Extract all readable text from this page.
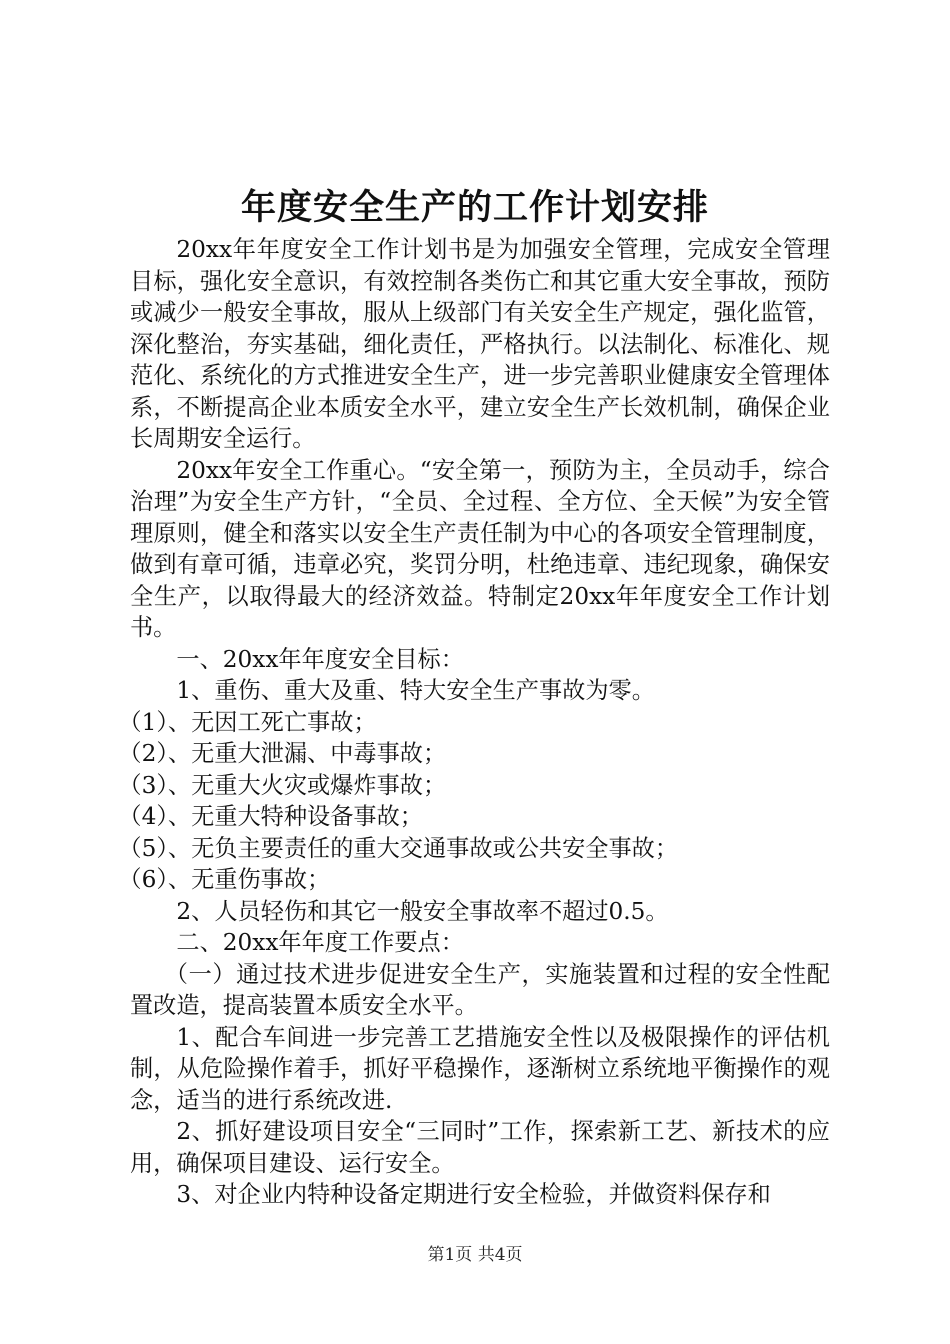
年度安全生产的工作计划安排

20xx年年度安全工作计划书是为加强安全管理，完成安全管理目标，强化安全意识，有效控制各类伤亡和其它重大安全事故，预防或减少一般安全事故，服从上级部门有关安全生产规定，强化监管，深化整治，夯实基础，细化责任，严格执行。以法制化、标准化、规范化、系统化的方式推进安全生产，进一步完善职业健康安全管理体系，不断提高企业本质安全水平，建立安全生产长效机制，确保企业长周期安全运行。

20xx年安全工作重心。“安全第一，预防为主，全员动手，综合治理”为安全生产方针，“全员、全过程、全方位、全天候”为安全管理原则，健全和落实以安全生产责任制为中心的各项安全管理制度，做到有章可循，违章必究，奖罚分明，杜绝违章、违纪现象，确保安全生产，以取得最大的经济效益。特制定20xx年年度安全工作计划书。

一、20xx年年度安全目标：

1、重伤、重大及重、特大安全生产事故为零。

（1）、无因工死亡事故；

（2）、无重大泄漏、中毒事故；

（3）、无重大火灾或爆炸事故；

（4）、无重大特种设备事故；

（5）、无负主要责任的重大交通事故或公共安全事故；

（6）、无重伤事故；

2、人员轻伤和其它一般安全事故率不超过0.5。

二、20xx年年度工作要点：

（一）通过技术进步促进安全生产，实施装置和过程的安全性配置改造，提高装置本质安全水平。

1、配合车间进一步完善工艺措施安全性以及极限操作的评估机制，从危险操作着手，抓好平稳操作，逐渐树立系统地平衡操作的观念，适当的进行系统改进.

2、抓好建设项目安全“三同时”工作，探索新工艺、新技术的应用，确保项目建设、运行安全。

3、对企业内特种设备定期进行安全检验，并做资料保存和

第1页 共4页
